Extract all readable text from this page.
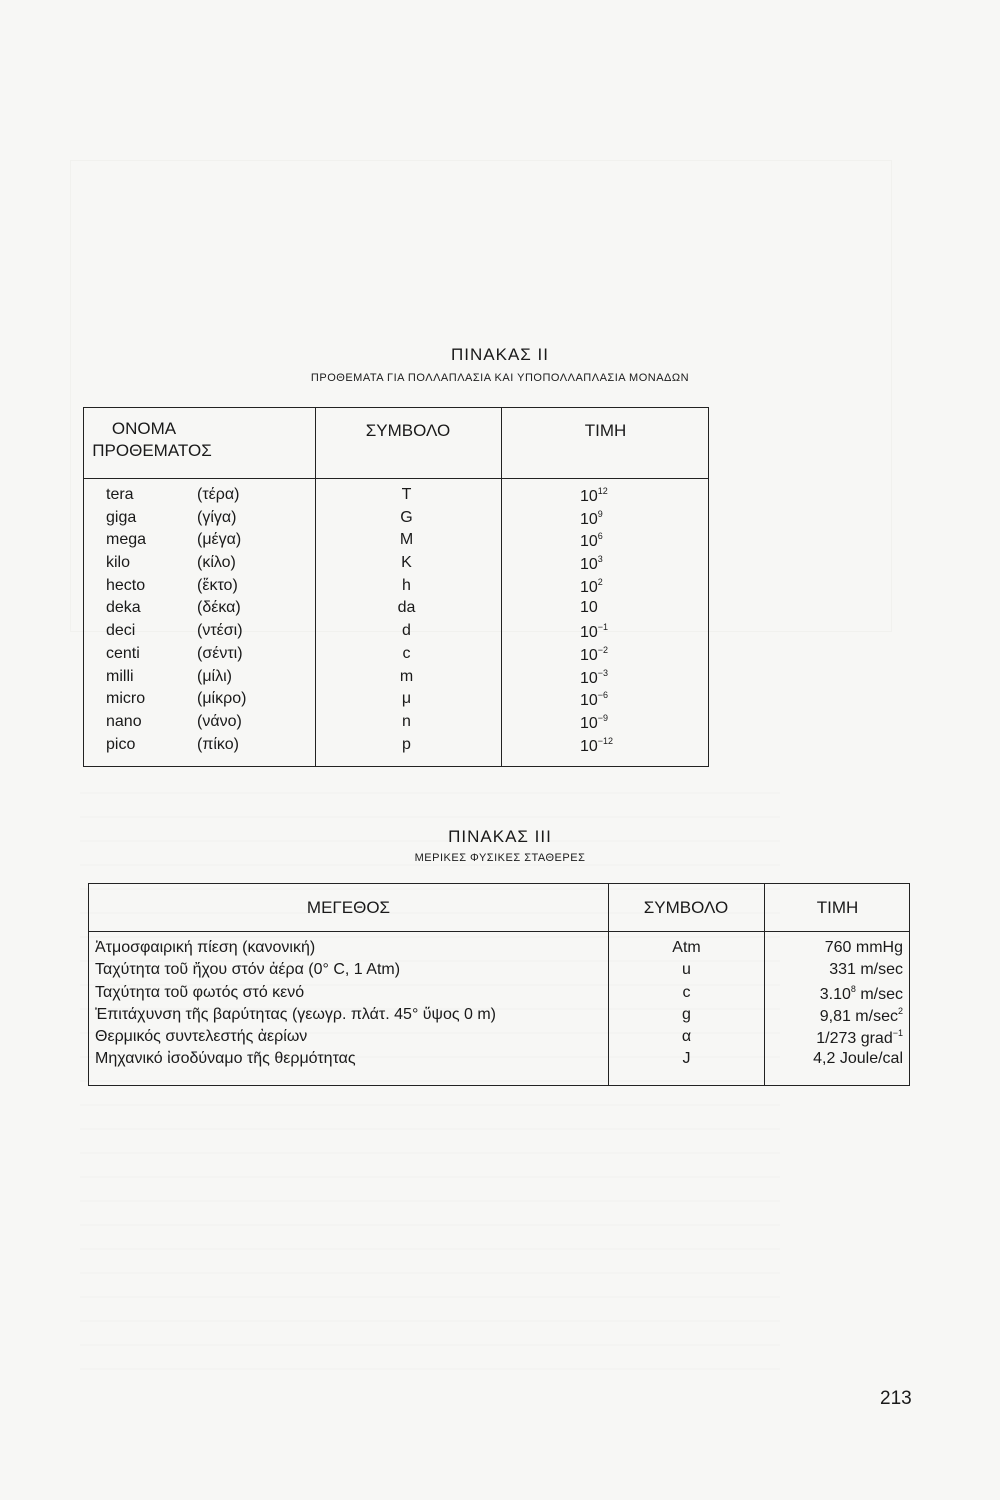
ΠΙΝΑΚΑΣ II
ΠΡΟΘΕΜΑΤΑ ΓΙΑ ΠΟΛΛΑΠΛΑΣΙΑ ΚΑΙ ΥΠΟΠΟΛΛΑΠΛΑΣΙΑ ΜΟΝΑΔΩΝ
ΟΝΟΜΑ
ΠΡΟΘΕΜΑΤΟΣ
ΣΥΜΒΟΛΟ	ΤΙΜΗ
tera	(τέρα)	T	$10^{12}$
giga	(γίγα)	G	$10^9$
mega	(μέγα)	M	$10^6$
kilo	(κίλο)	K	$10^3$
hecto	(ἕκτο)	h	$10^2$
deka	(δέκα)	da	10
deci	(ντέσι)	d	$10^{-1}$
centi	(σέντι)	c	$10^{-2}$
milli	(μίλι)	m	$10^{-3}$
micro	(μίκρο)	μ	$10^{-6}$
nano	(νάνο)	n	$10^{-9}$
pico	(πίκο)	p	$10^{-12}$
ΠΙΝΑΚΑΣ III
ΜΕΡΙΚΕΣ ΦΥΣΙΚΕΣ ΣΤΑΘΕΡΕΣ
ΜΕΓΕΘΟΣ	ΣΥΜΒΟΛΟ	ΤΙΜΗ
Ἀτμοσφαιρική πίεση (κανονική)	Atm	760 mmHg
Ταχύτητα τοῦ ἤχου στόν ἀέρα (0° C, 1 Atm)	u	331 m/sec
Ταχύτητα τοῦ φωτός στό κενό	c	3.10$^8$ m/sec
Ἐπιτάχυνση τῆς βαρύτητας (γεωγρ. πλάτ. 45° ὕψος 0 m)	g	9,81 $m/\sec^2$
Θερμικός συντελεστής ἀερίων	α	1/273 grad$^{-1}$
Μηχανικό ἰσοδύναμο τῆς θερμότητας	J	4,2 Joule/cal
213
